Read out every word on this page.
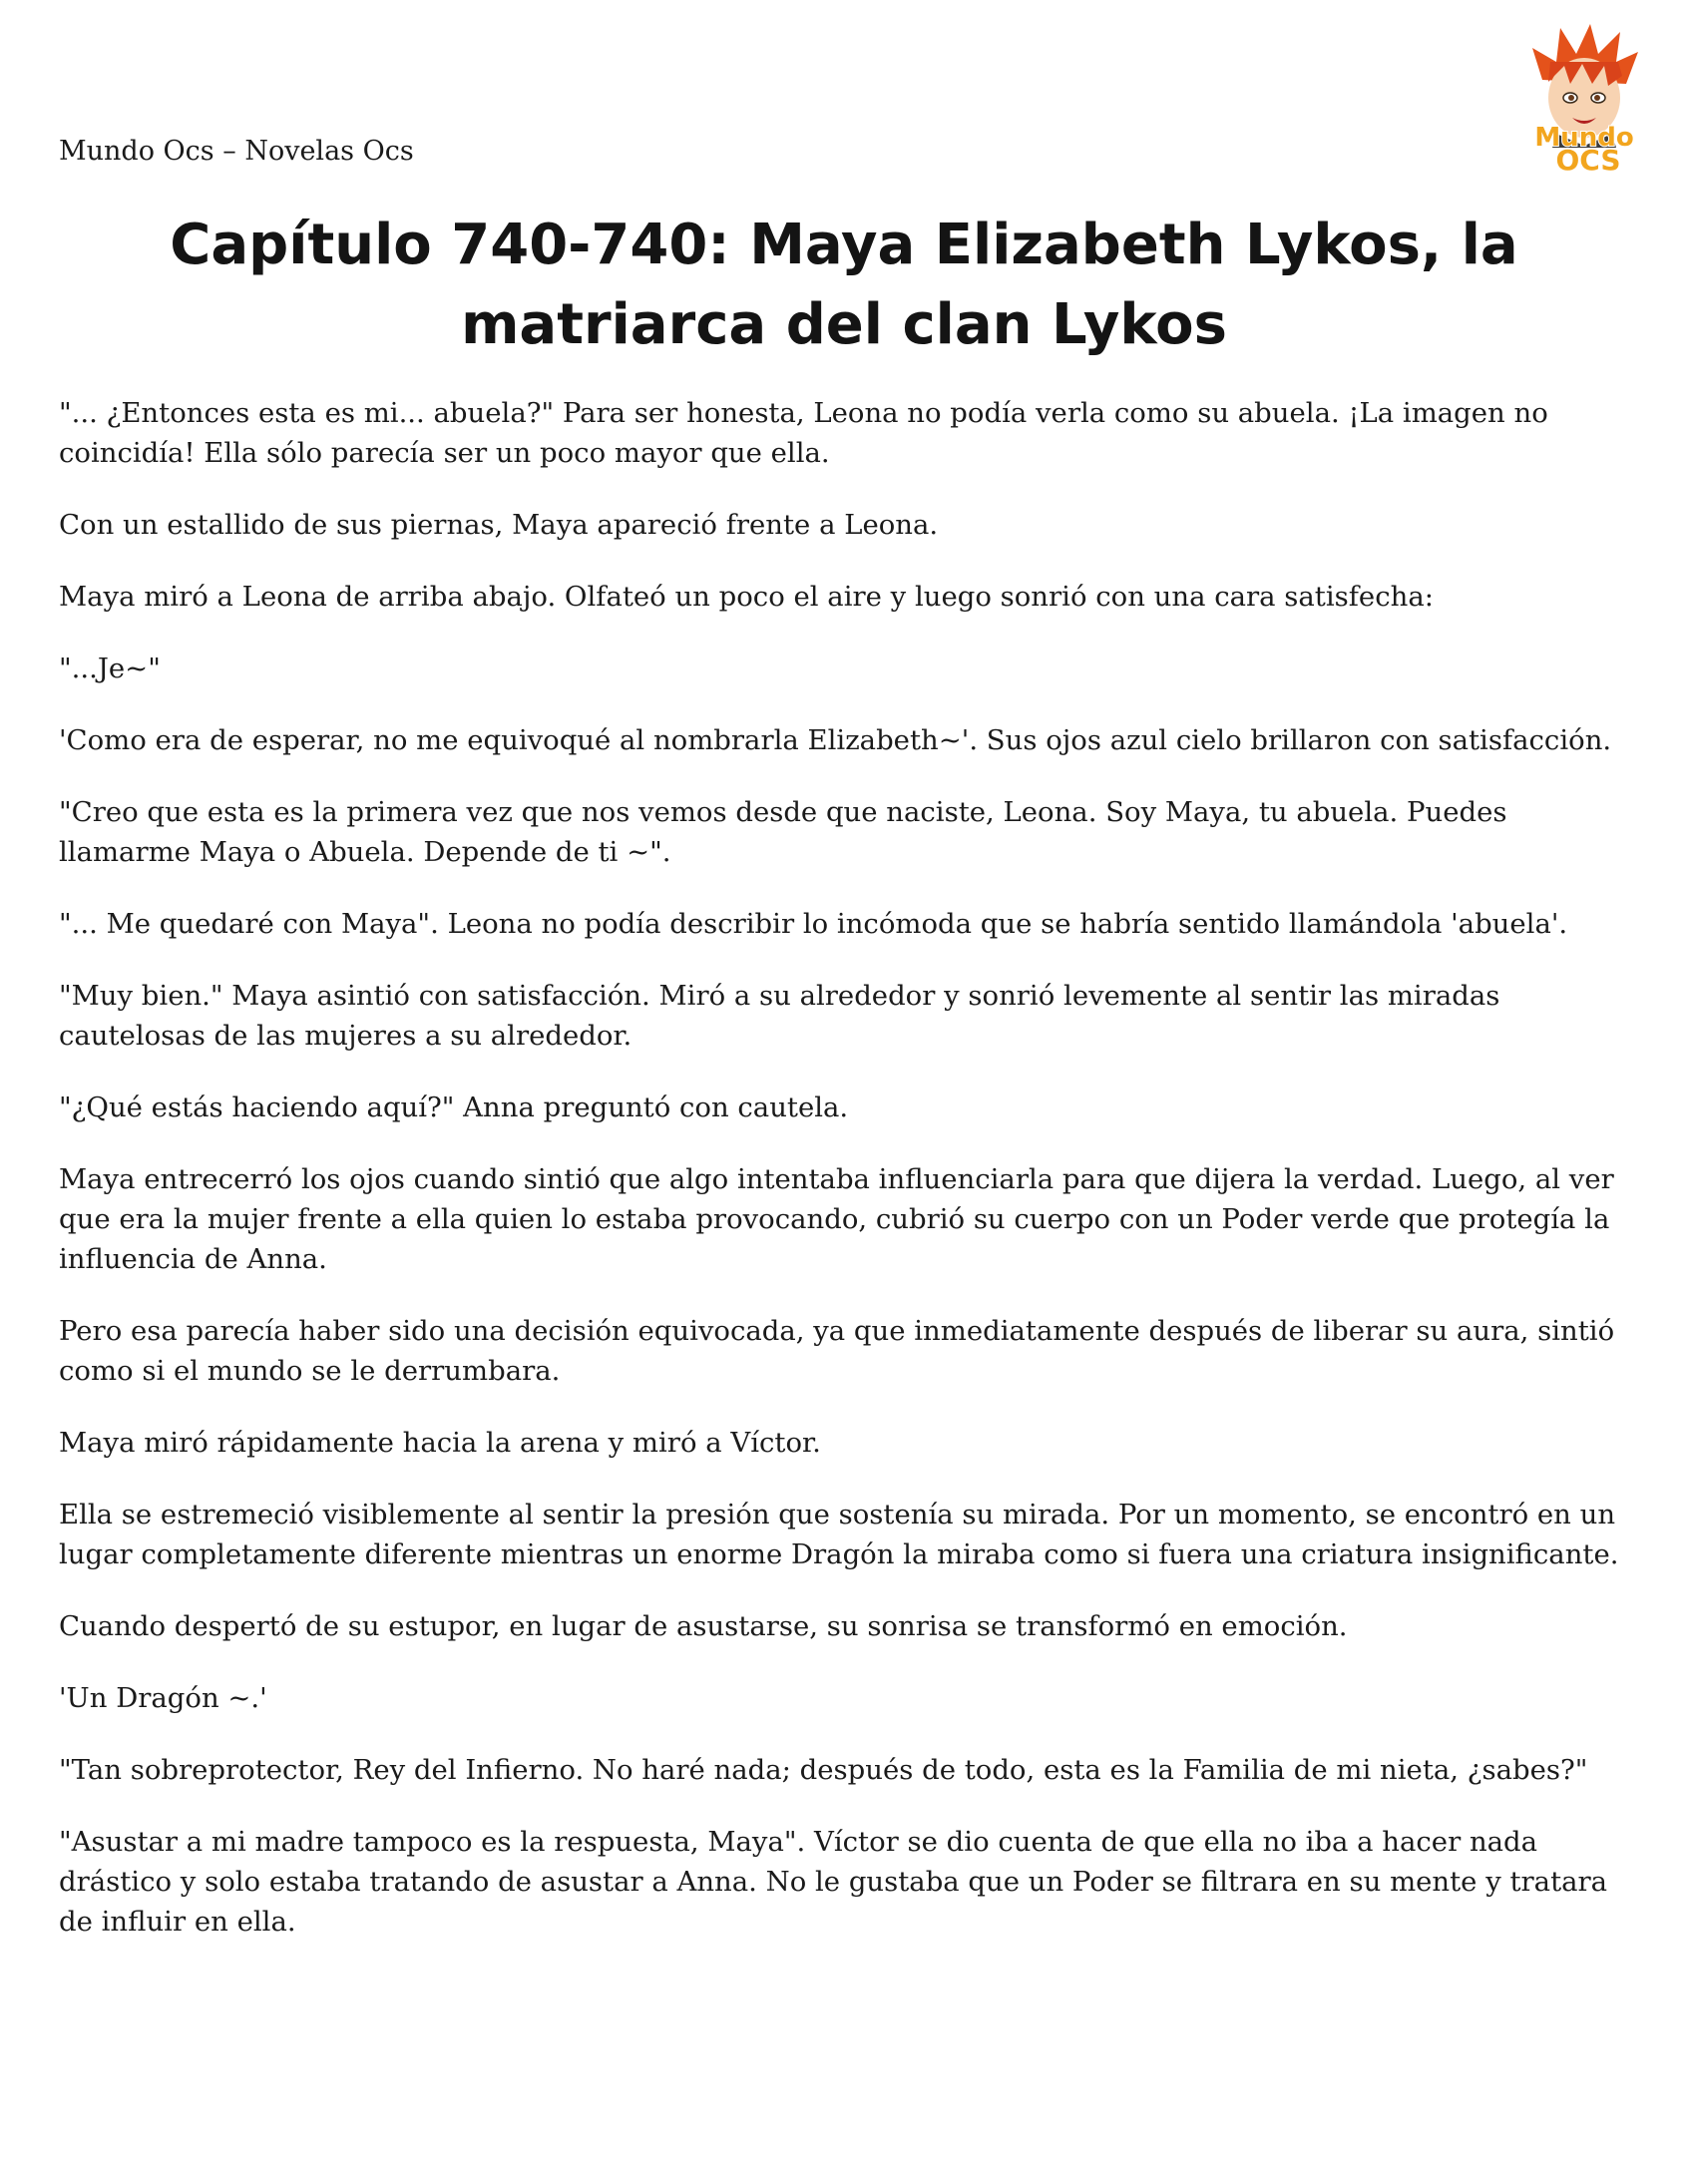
Mundo Ocs – Novelas Ocs	Mundo
OCS
Capítulo 740-740: Maya Elizabeth Lykos, la matriarca del clan Lykos

"... ¿Entonces esta es mi... abuela?" Para ser honesta, Leona no podía verla como su abuela. ¡La imagen no coincidía! Ella sólo parecía ser un poco mayor que ella.

Con un estallido de sus piernas, Maya apareció frente a Leona.

Maya miró a Leona de arriba abajo. Olfateó un poco el aire y luego sonrió con una cara satisfecha:

"...Je~"

'Como era de esperar, no me equivoqué al nombrarla Elizabeth~'. Sus ojos azul cielo brillaron con satisfacción.

"Creo que esta es la primera vez que nos vemos desde que naciste, Leona. Soy Maya, tu abuela. Puedes llamarme Maya o Abuela. Depende de ti ~".

"... Me quedaré con Maya". Leona no podía describir lo incómoda que se habría sentido llamándola 'abuela'.

"Muy bien." Maya asintió con satisfacción. Miró a su alrededor y sonrió levemente al sentir las miradas cautelosas de las mujeres a su alrededor.

"¿Qué estás haciendo aquí?" Anna preguntó con cautela.

Maya entrecerró los ojos cuando sintió que algo intentaba influenciarla para que dijera la verdad. Luego, al ver que era la mujer frente a ella quien lo estaba provocando, cubrió su cuerpo con un Poder verde que protegía la influencia de Anna.

Pero esa parecía haber sido una decisión equivocada, ya que inmediatamente después de liberar su aura, sintió como si el mundo se le derrumbara.

Maya miró rápidamente hacia la arena y miró a Víctor.

Ella se estremeció visiblemente al sentir la presión que sostenía su mirada. Por un momento, se encontró en un lugar completamente diferente mientras un enorme Dragón la miraba como si fuera una criatura insignificante.

Cuando despertó de su estupor, en lugar de asustarse, su sonrisa se transformó en emoción.

'Un Dragón ~.'

"Tan sobreprotector, Rey del Infierno. No haré nada; después de todo, esta es la Familia de mi nieta, ¿sabes?"

"Asustar a mi madre tampoco es la respuesta, Maya". Víctor se dio cuenta de que ella no iba a hacer nada drástico y solo estaba tratando de asustar a Anna. No le gustaba que un Poder se filtrara en su mente y tratara de influir en ella.
